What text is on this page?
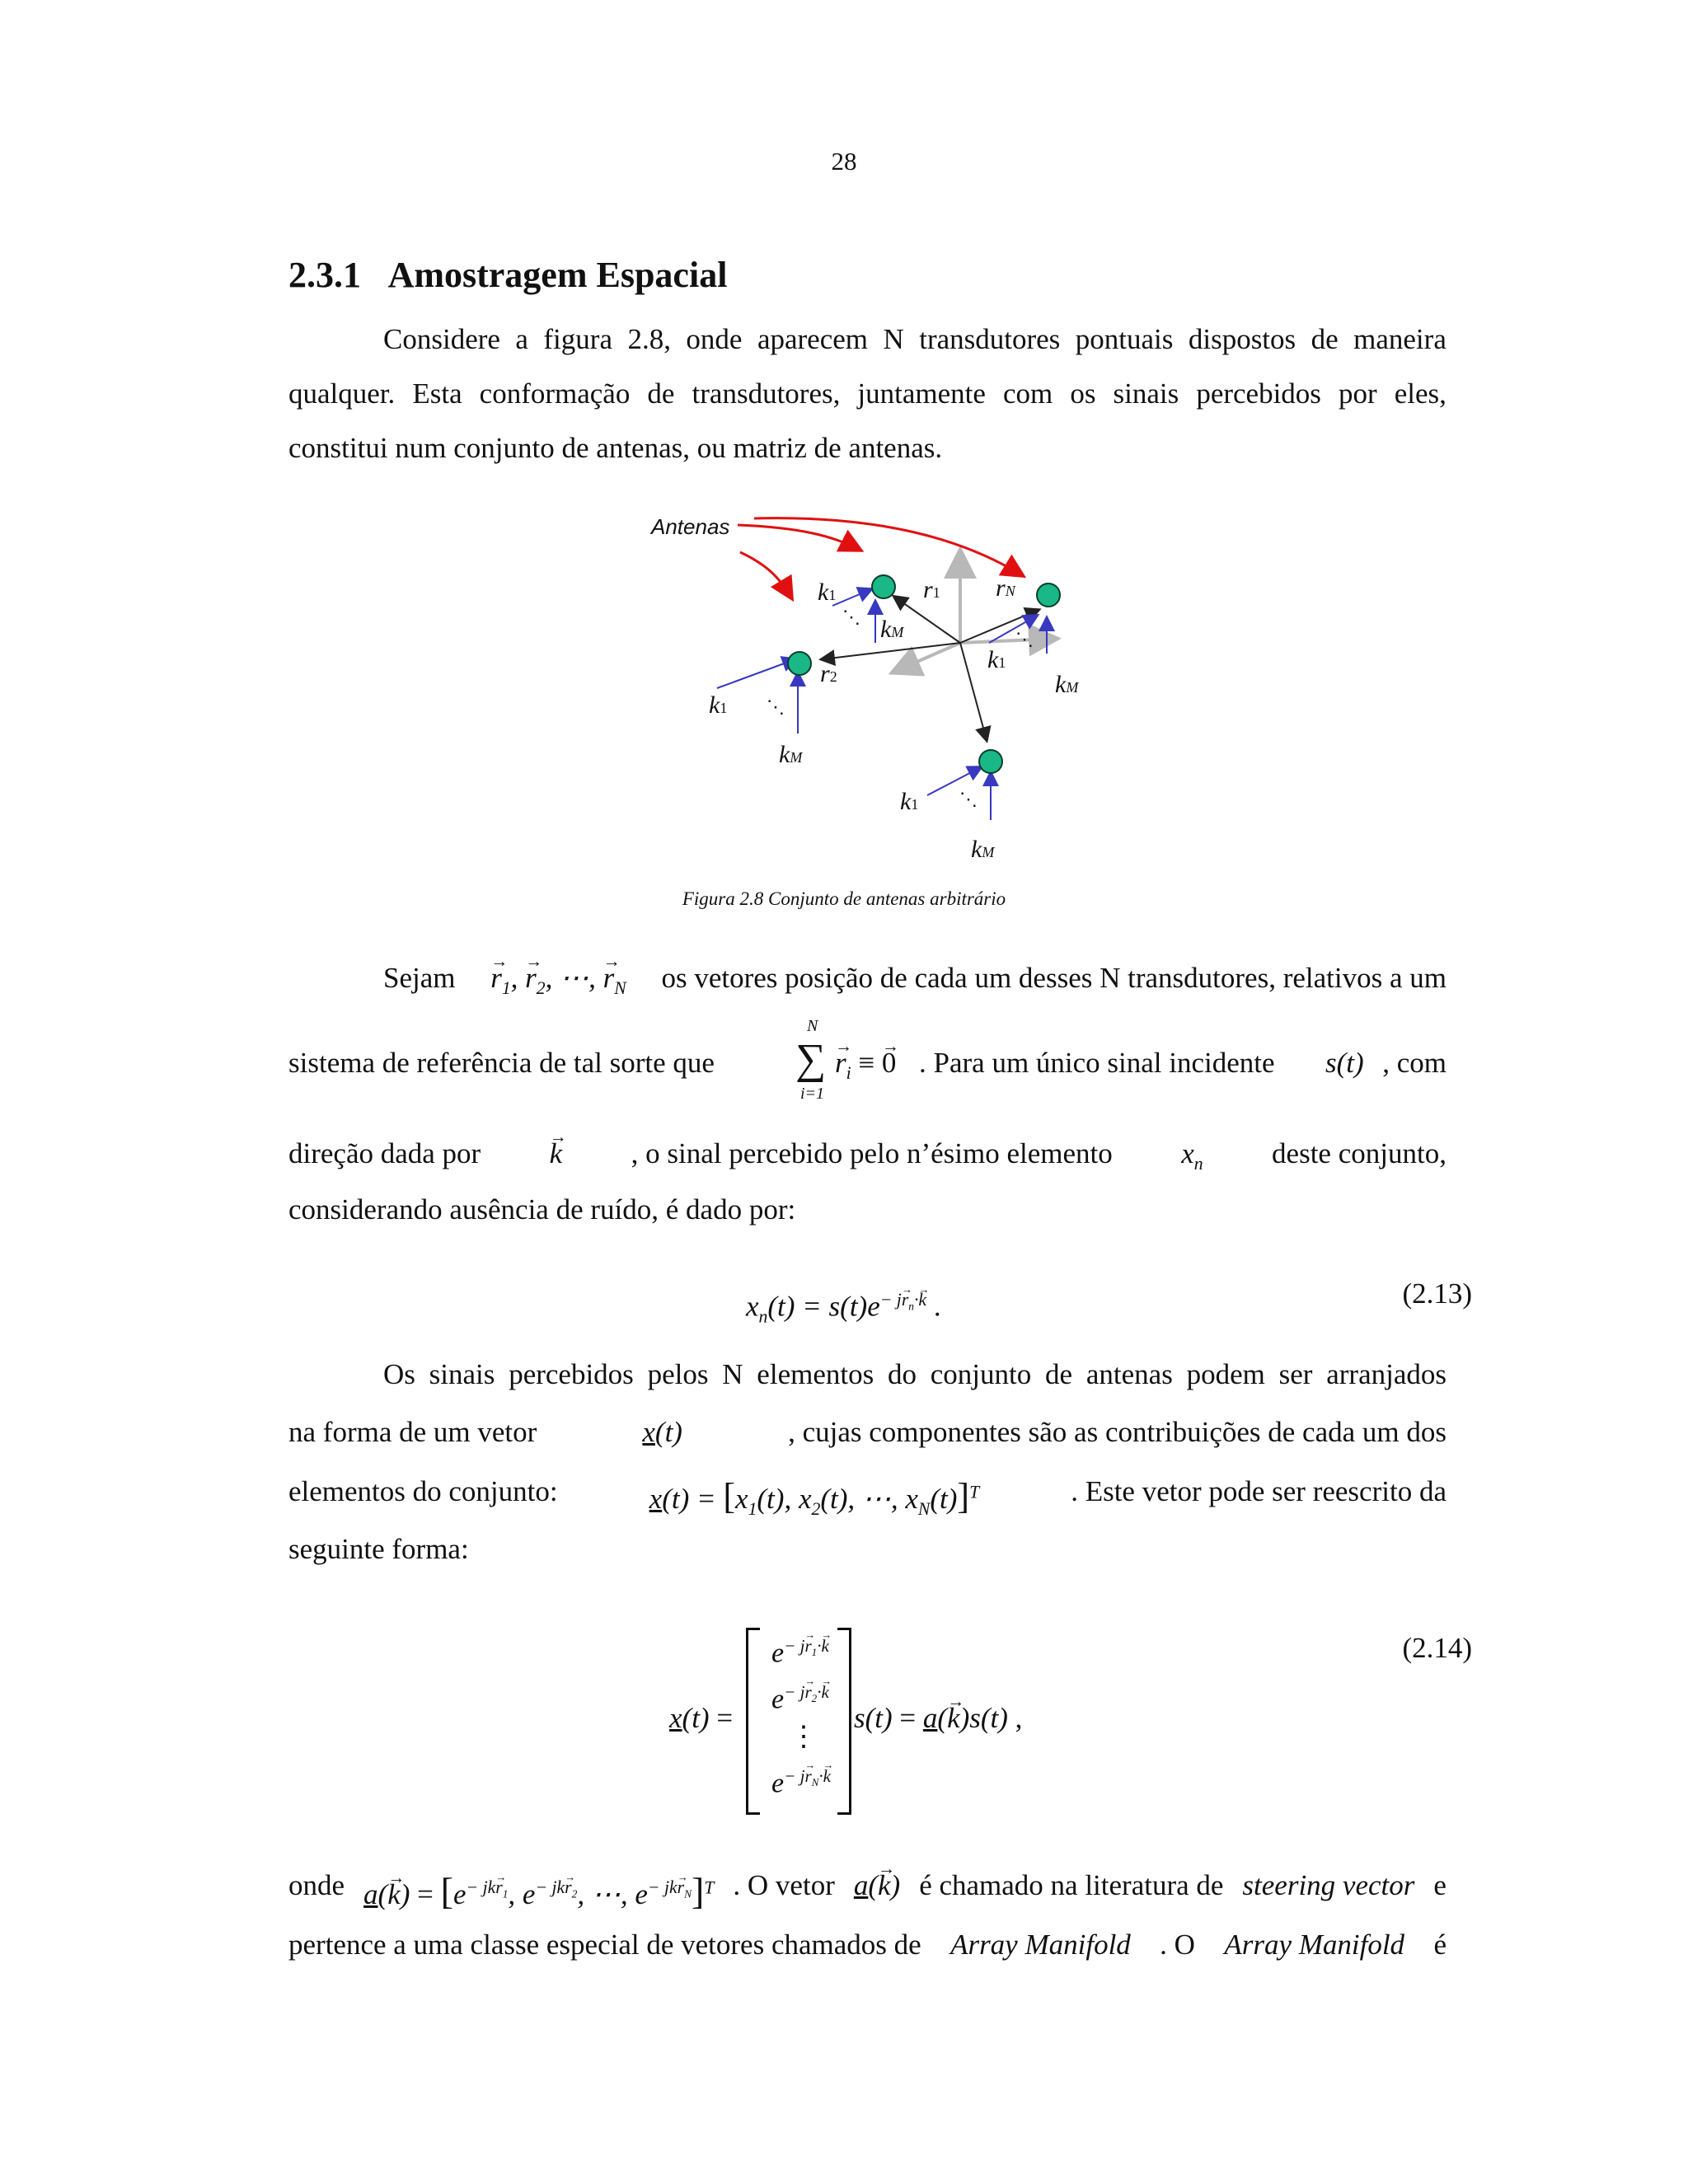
28
2.3.1 Amostragem Espacial
Considere a figura 2.8, onde aparecem N transdutores pontuais dispostos de maneira
qualquer. Esta conformação de transdutores, juntamente com os sinais percebidos por eles,
constitui num conjunto de antenas, ou matriz de antenas.
Antenas
k1
⋱ kM
r1 rN
⋱
k1
kM
r2
k1 ⋱
kM
k1 ⋱
kM
Figura 2.8 Conjunto de antenas arbitrário
Sejam → $r_1$, → $r_2$, ⋯, → $r_N$ os vetores posição de cada um desses N transdutores, relativos a um
sistema de referência de tal sorte que
N
∑
i=1
→ $r_i$ ≡ → 0 . Para um único sinal incidente s(t) , com
direção dada por → k , o sinal percebido pelo n’ésimo elemento $x_n$ deste conjunto,
considerando ausência de ruído, é dado por:
$x_n(t) = s(t)e^{- j\to r_n\cdot\to k}$ .	(2.13)
Os sinais percebidos pelos N elementos do conjunto de antenas podem ser arranjados
na forma de um vetor	x(t)	, cujas componentes são as contribuições de cada um dos
elementos do conjunto:	$x(t) = [x_1(t)$, $x_2(t)$, ⋯, $x_N(t)]^T$	. Este vetor pode ser reescrito da
seguinte forma:
(2.14)
x(t) =
$e^{- j\to r_1\cdot\to k}$
$e^{- j\to r_2\cdot\to k}$
⋮
$e^{- j\to r_N\cdot\to k}$
s(t) = a(→ k)s(t) ,
onde $a(\to k) = [e^{- jk\to r_1}$, $e^{- jk\to r_2}$, ⋯, $e^{- jk\to r_N}]^T$ . O vetor a(→ k) é chamado na literatura de steering vector e
pertence a uma classe especial de vetores chamados de Array Manifold . O Array Manifold é
